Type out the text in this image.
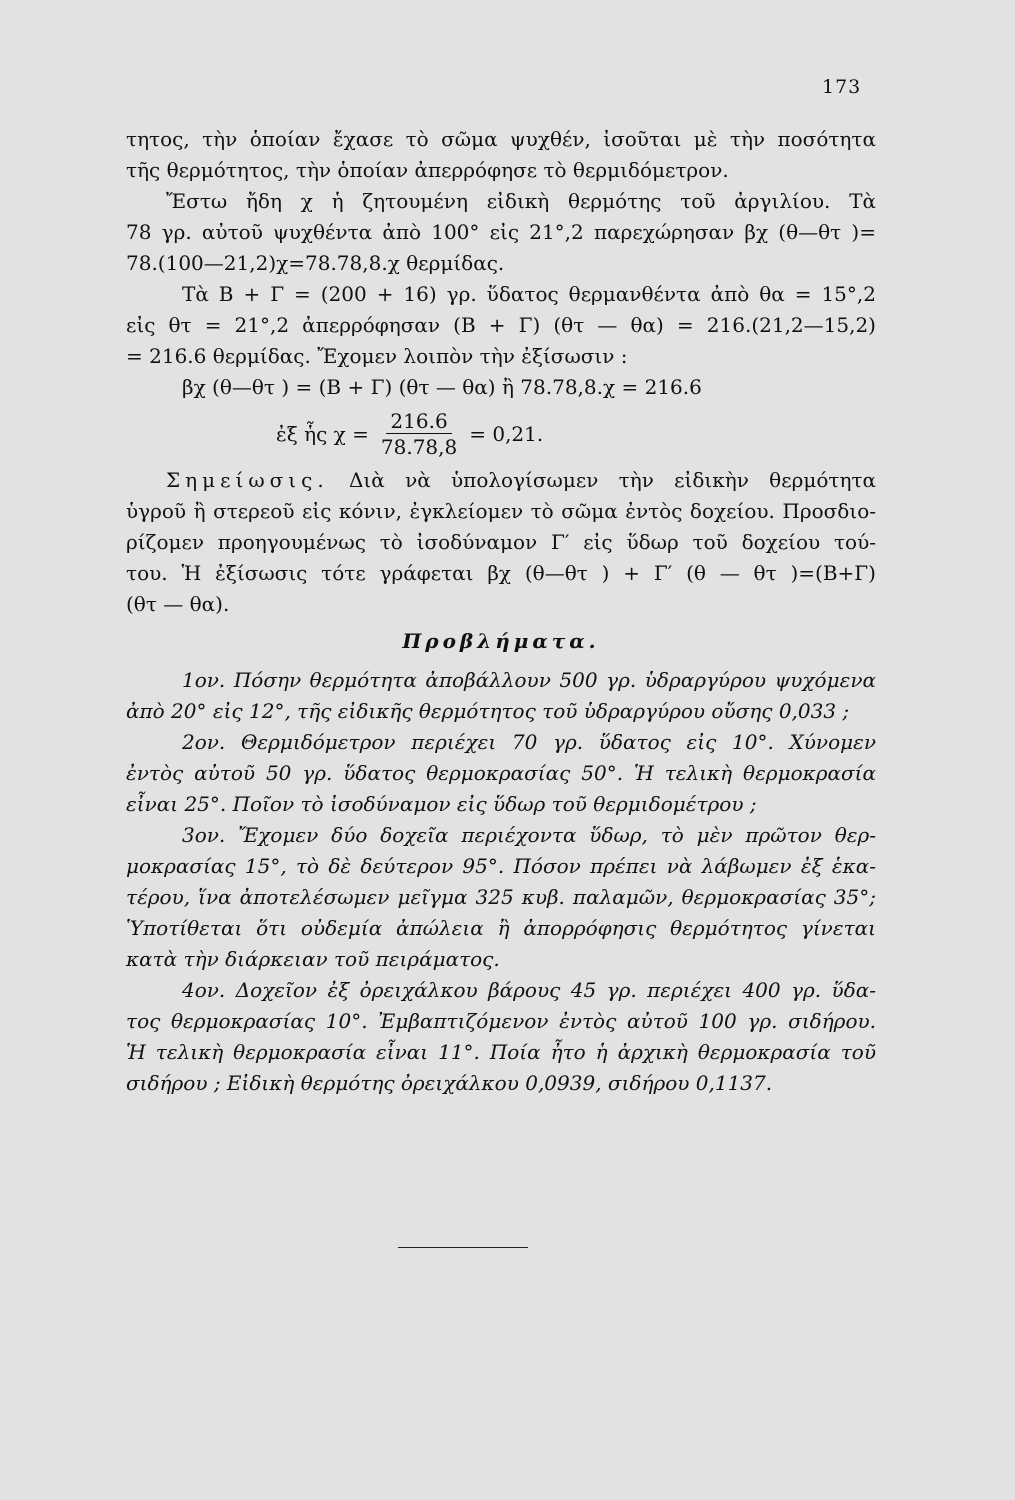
173
τητος, τὴν ὁποίαν ἔχασε τὸ σῶμα ψυχθέν, ἰσοῦται μὲ τὴν ποσότητα
τῆς θερμότητος, τὴν ὁποίαν ἀπερρόφησε τὸ θερμιδόμετρον.
Ἔστω ἤδη χ ἡ ζητουμένη εἰδικὴ θερμότης τοῦ ἀργιλίου. Τὰ
78 γρ. αὐτοῦ ψυχθέντα ἀπὸ 100° εἰς 21°,2 παρεχώρησαν βχ (θ—θτ )=
78.(100—21,2)χ=78.78,8.χ θερμίδας.
Τὰ Β + Γ = (200 + 16) γρ. ὕδατος θερμανθέντα ἀπὸ θα = 15°,2
εἰς θτ = 21°,2 ἀπερρόφησαν (Β + Γ) (θτ — θα) = 216.(21,2—15,2)
= 216.6 θερμίδας. Ἔχομεν λοιπὸν τὴν ἐξίσωσιν :
βχ (θ—θτ ) = (Β + Γ) (θτ — θα) ἢ 78.78,8.χ = 216.6
ἐξ ἧς $\chi = \frac{216.6}{78.78,8} = 0,21$.
Σημείωσις. Διὰ νὰ ὑπολογίσωμεν τὴν εἰδικὴν θερμότητα
ὑγροῦ ἢ στερεοῦ εἰς κόνιν, ἐγκλείομεν τὸ σῶμα ἐντὸς δοχείου. Προσδιο-
ρίζομεν προηγουμένως τὸ ἰσοδύναμον Γ′ εἰς ὕδωρ τοῦ δοχείου τού-
του. Ἡ ἐξίσωσις τότε γράφεται βχ (θ—θτ ) + Γ′ (θ — θτ )=(Β+Γ)
(θτ — θα).
Προβλήματα.
1ον. Πόσην θερμότητα ἀποβάλλουν 500 γρ. ὑδραργύρου ψυχόμενα
ἀπὸ 20° εἰς 12°, τῆς εἰδικῆς θερμότητος τοῦ ὑδραργύρου οὔσης 0,033 ;
2ον. Θερμιδόμετρον περιέχει 70 γρ. ὕδατος εἰς 10°. Χύνομεν
ἐντὸς αὐτοῦ 50 γρ. ὕδατος θερμοκρασίας 50°. Ἡ τελικὴ θερμοκρασία
εἶναι 25°. Ποῖον τὸ ἰσοδύναμον εἰς ὕδωρ τοῦ θερμιδομέτρου ;
3ον. Ἔχομεν δύο δοχεῖα περιέχοντα ὕδωρ, τὸ μὲν πρῶτον θερ-
μοκρασίας 15°, τὸ δὲ δεύτερον 95°. Πόσον πρέπει νὰ λάβωμεν ἐξ ἑκα-
τέρου, ἵνα ἀποτελέσωμεν μεῖγμα 325 κυβ. παλαμῶν, θερμοκρασίας 35°;
Ὑποτίθεται ὅτι οὐδεμία ἀπώλεια ἢ ἀπορρόφησις θερμότητος γίνεται
κατὰ τὴν διάρκειαν τοῦ πειράματος.
4ον. Δοχεῖον ἐξ ὀρειχάλκου βάρους 45 γρ. περιέχει 400 γρ. ὕδα-
τος θερμοκρασίας 10°. Ἐμβαπτιζόμενον ἐντὸς αὐτοῦ 100 γρ. σιδήρου.
Ἡ τελικὴ θερμοκρασία εἶναι 11°. Ποία ἦτο ἡ ἀρχικὴ θερμοκρασία τοῦ
σιδήρου ; Εἰδικὴ θερμότης ὀρειχάλκου 0,0939, σιδήρου 0,1137.
